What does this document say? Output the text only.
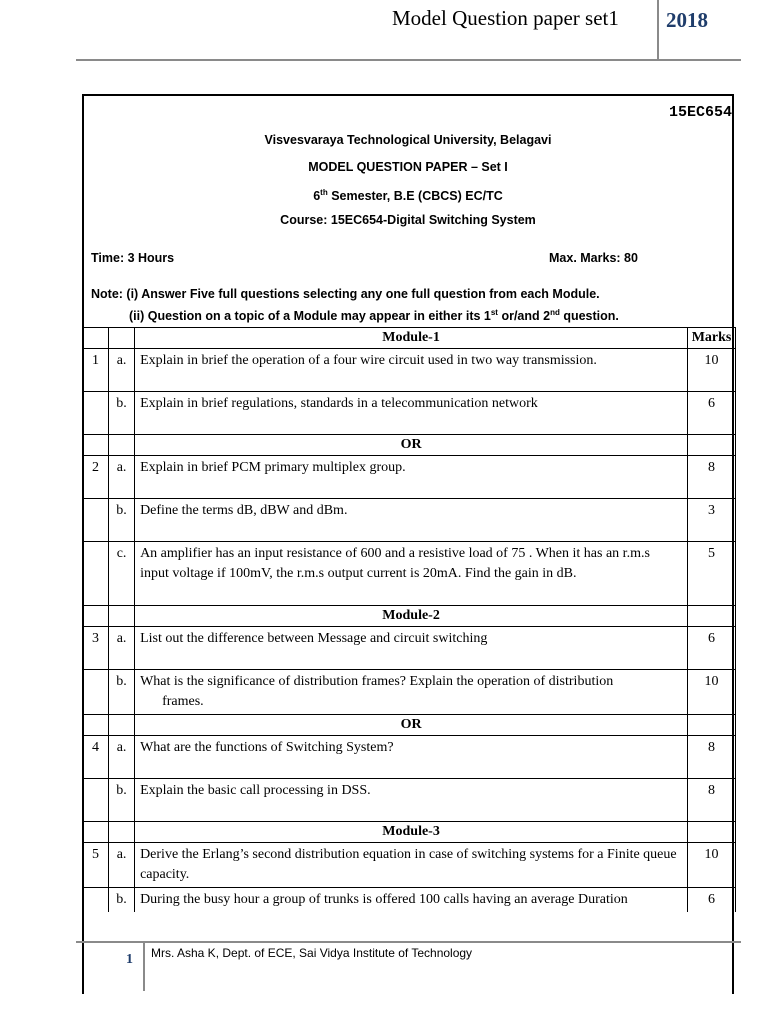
Model Question paper set1 2018
15EC654
Visvesvaraya Technological University, Belagavi
MODEL QUESTION PAPER – Set I
6th Semester, B.E (CBCS) EC/TC
Course: 15EC654-Digital Switching System
Time: 3 Hours	Max. Marks: 80
Note: (i) Answer Five full questions selecting any one full question from each Module.
(ii) Question on a topic of a Module may appear in either its 1st or/and 2nd question.
		Module-1	Marks
1	a.	Explain in brief the operation of a four wire circuit used in two way transmission.	10
	b.	Explain in brief regulations, standards in a telecommunication network	6
		OR	
2	a.	Explain in brief PCM primary multiplex group.	8
	b.	Define the terms dB, dBW and dBm.	3
	c.	An amplifier has an input resistance of 600 and a resistive load of 75 . When it has an r.m.s input voltage if 100mV, the r.m.s output current is 20mA. Find the gain in dB.	5
		Module-2	
3	a.	List out the difference between Message and circuit switching	6
	b.	What is the significance of distribution frames? Explain the operation of distribution
frames.	10
		OR	
4	a.	What are the functions of Switching System?	8
	b.	Explain the basic call processing in DSS.	8
		Module-3	
5	a.	Derive the Erlang’s second distribution equation in case of switching systems for a Finite queue capacity.	10
	b.	During the busy hour a group of trunks is offered 100 calls having an average Duration	6
1 Mrs. Asha K, Dept. of ECE, Sai Vidya Institute of Technology
